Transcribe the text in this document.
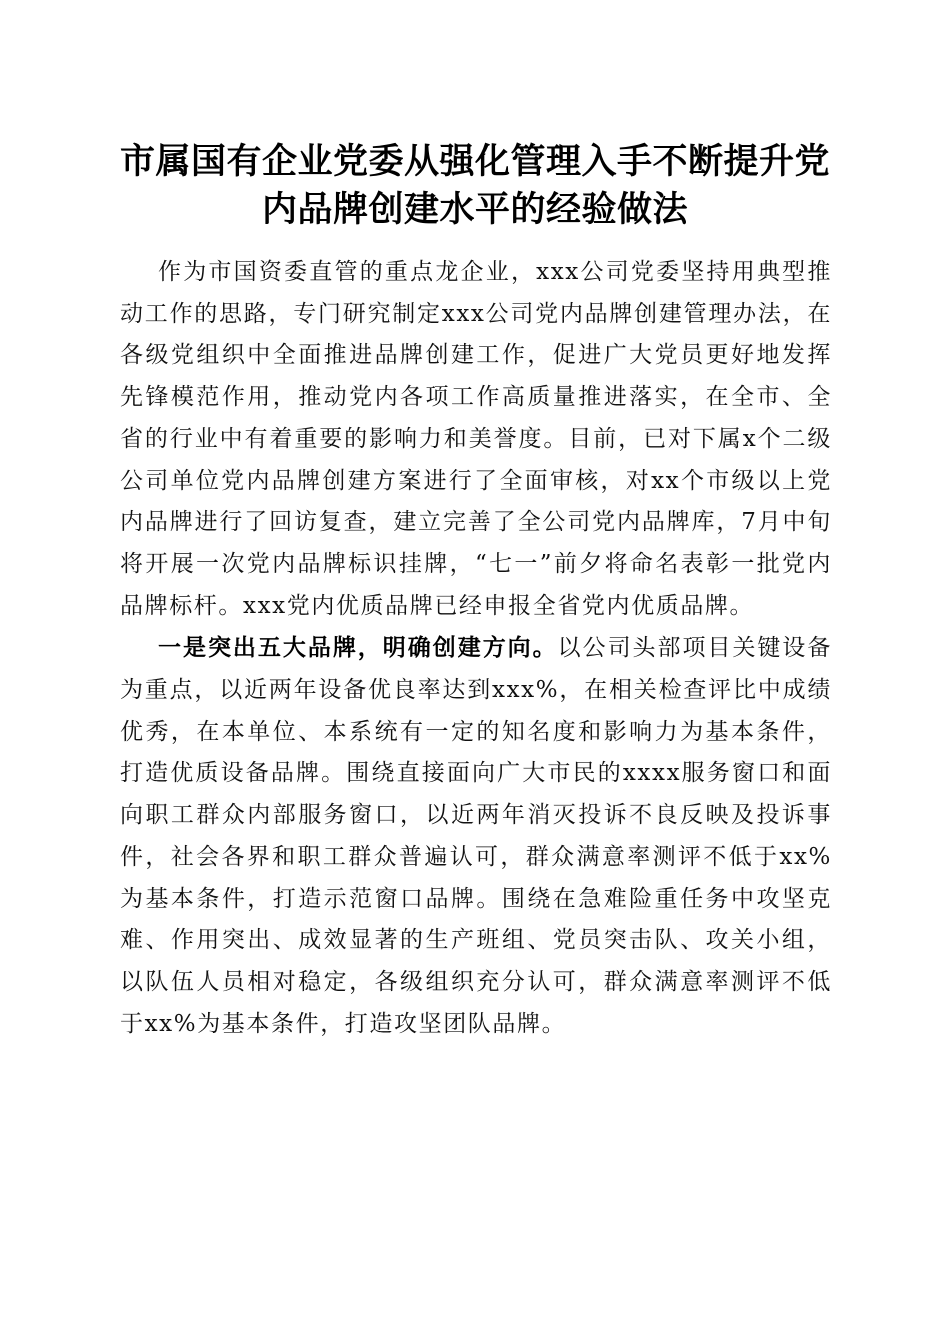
市属国有企业党委从强化管理入手不断提升党
内品牌创建水平的经验做法

作为市国资委直管的重点龙企业，xxx公司党委坚持用典型推动工作的思路，专门研究制定xxx公司党内品牌创建管理办法，在各级党组织中全面推进品牌创建工作，促进广大党员更好地发挥先锋模范作用，推动党内各项工作高质量推进落实，在全市、全省的行业中有着重要的影响力和美誉度。目前，已对下属x个二级公司单位党内品牌创建方案进行了全面审核，对xx个市级以上党内品牌进行了回访复查，建立完善了全公司党内品牌库，7月中旬将开展一次党内品牌标识挂牌，“七一”前夕将命名表彰一批党内品牌标杆。xxx党内优质品牌已经申报全省党内优质品牌。

一是突出五大品牌，明确创建方向。以公司头部项目关键设备为重点，以近两年设备优良率达到xxx%，在相关检查评比中成绩优秀，在本单位、本系统有一定的知名度和影响力为基本条件，打造优质设备品牌。围绕直接面向广大市民的xxxx服务窗口和面向职工群众内部服务窗口，以近两年消灭投诉不良反映及投诉事件，社会各界和职工群众普遍认可，群众满意率测评不低于xx%为基本条件，打造示范窗口品牌。围绕在急难险重任务中攻坚克难、作用突出、成效显著的生产班组、党员突击队、攻关小组，以队伍人员相对稳定，各级组织充分认可，群众满意率测评不低于xx%为基本条件，打造攻坚团队品牌。
